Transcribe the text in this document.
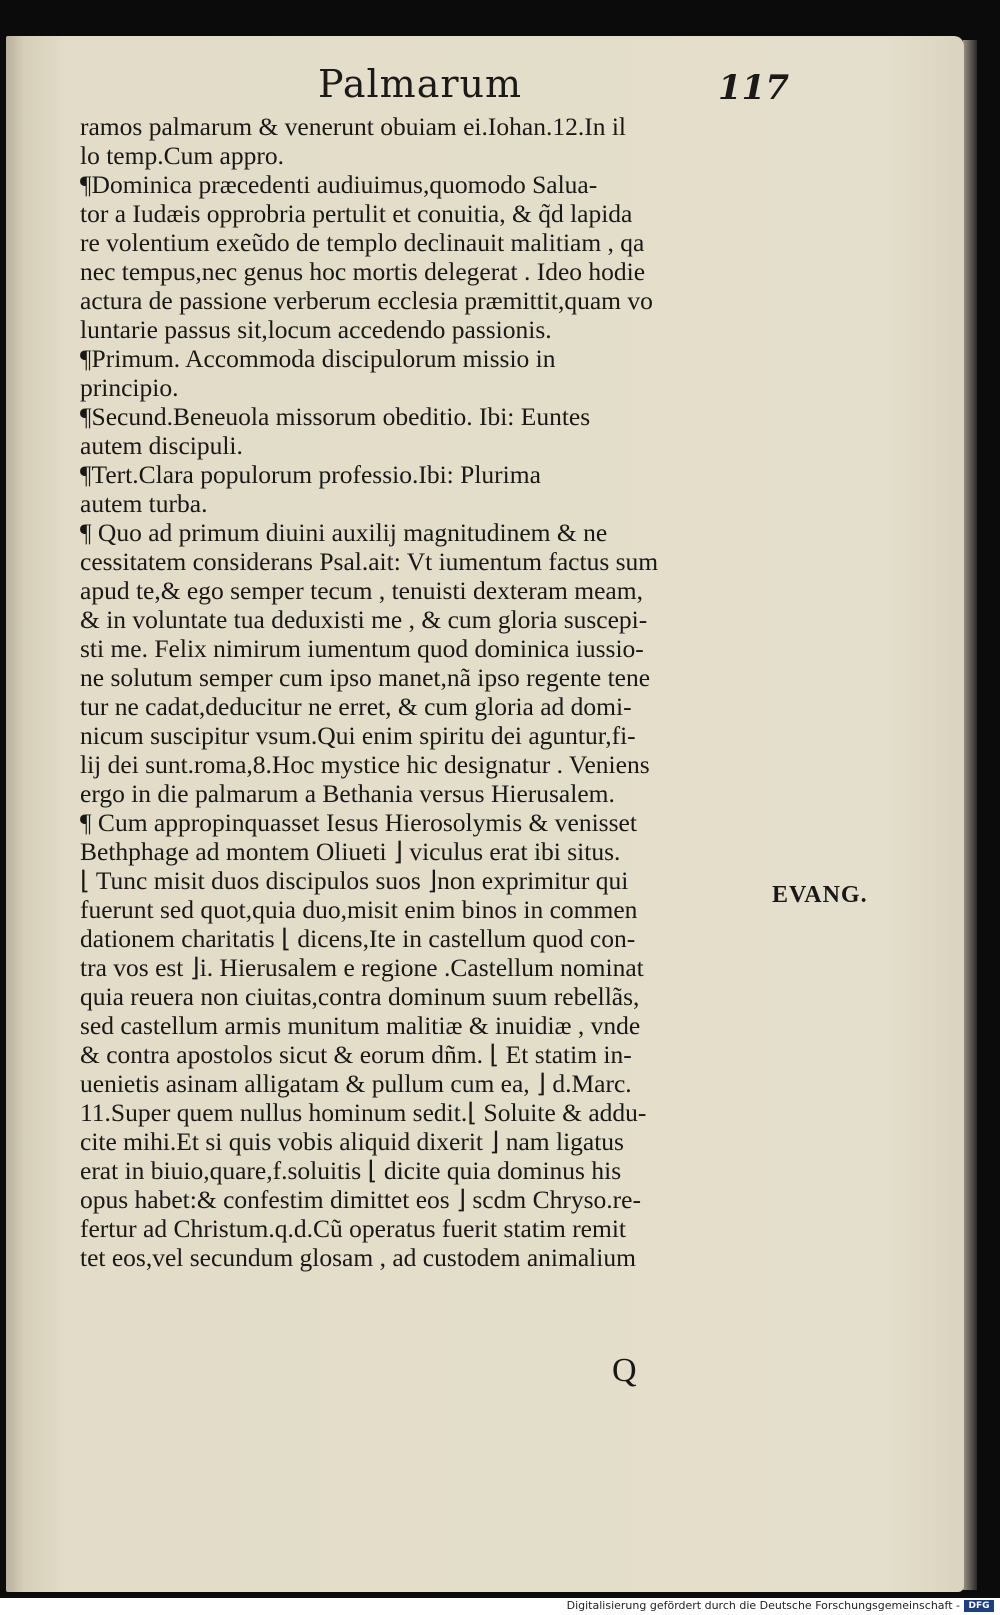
Palmarum	117
ramos palmarum & venerunt obuiam ei.Iohan.12.In il
lo temp.Cum appro.
¶Dominica præcedenti audiuimus,quomodo Salua-
tor a Iudæis opprobria pertulit et conuitia, & q̃d lapida
re volentium exeũdo de templo declinauit malitiam , qa
nec tempus,nec genus hoc mortis delegerat . Ideo hodie
actura de passione verberum ecclesia præmittit,quam vo
luntarie passus sit,locum accedendo passionis.
¶Primum. Accommoda discipulorum missio in
principio.
¶Secund.Beneuola missorum obeditio. Ibi: Euntes
autem discipuli.
¶Tert.Clara populorum professio.Ibi: Plurima
autem turba.
¶ Quo ad primum diuini auxilij magnitudinem & ne
cessitatem considerans Psal.ait: Vt iumentum factus sum
apud te,& ego semper tecum , tenuisti dexteram meam,
& in voluntate tua deduxisti me , & cum gloria suscepi-
sti me. Felix nimirum iumentum quod dominica iussio-
ne solutum semper cum ipso manet,nã ipso regente tene
tur ne cadat,deducitur ne erret, & cum gloria ad domi-
nicum suscipitur vsum.Qui enim spiritu dei aguntur,fi-
lij dei sunt.roma,8.Hoc mystice hic designatur . Veniens
ergo in die palmarum a Bethania versus Hierusalem.
¶ Cum appropinquasset Iesus Hierosolymis & venisset
Bethphage ad montem Oliueti ⌋ viculus erat ibi situs.
⌊ Tunc misit duos discipulos suos ⌋non exprimitur qui
fuerunt sed quot,quia duo,misit enim binos in commen
dationem charitatis ⌊ dicens,Ite in castellum quod con-
tra vos est ⌋i. Hierusalem e regione .Castellum nominat
quia reuera non ciuitas,contra dominum suum rebellãs,
sed castellum armis munitum malitiæ & inuidiæ , vnde
& contra apostolos sicut & eorum dñm. ⌊ Et statim in-
uenietis asinam alligatam & pullum cum ea, ⌋ d.Marc.
11.Super quem nullus hominum sedit.⌊ Soluite & addu-
cite mihi.Et si quis vobis aliquid dixerit ⌋ nam ligatus
erat in biuio,quare,f.soluitis ⌊ dicite quia dominus his
opus habet:& confestim dimittet eos ⌋ scdm Chryso.re-
fertur ad Christum.q.d.Cũ operatus fuerit statim remit
tet eos,vel secundum glosam , ad custodem animalium
EVANG.
Q
Digitalisierung gefördert durch die Deutsche Forschungsgemeinschaft - DFG
